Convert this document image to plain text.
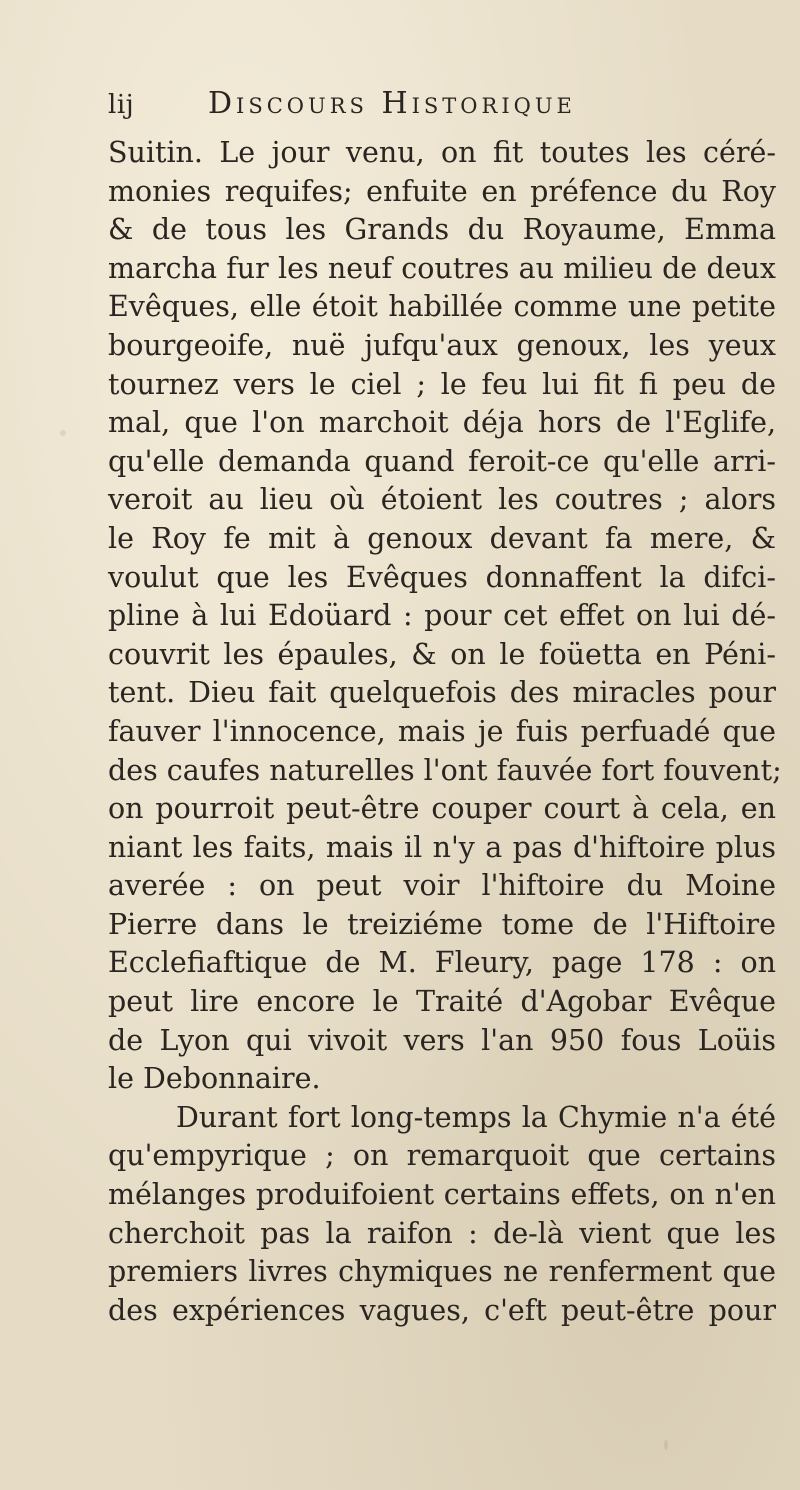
lij	Discours Historique
Suitin. Le jour venu, on fit toutes les céré-
monies requifes; enfuite en préfence du Roy
& de tous les Grands du Royaume, Emma
marcha fur les neuf coutres au milieu de deux
Evêques, elle étoit habillée comme une petite
bourgeoife, nuë jufqu'aux genoux, les yeux
tournez vers le ciel ; le feu lui fit fi peu de
mal, que l'on marchoit déja hors de l'Eglife,
qu'elle demanda quand feroit-ce qu'elle arri-
veroit au lieu où étoient les coutres ; alors
le Roy fe mit à genoux devant fa mere, &
voulut que les Evêques donnaffent la difci-
pline à lui Edoüard : pour cet effet on lui dé-
couvrit les épaules, & on le foüetta en Péni-
tent. Dieu fait quelquefois des miracles pour
fauver l'innocence, mais je fuis perfuadé que
des caufes naturelles l'ont fauvée fort fouvent;
on pourroit peut-être couper court à cela, en
niant les faits, mais il n'y a pas d'hiftoire plus
averée : on peut voir l'hiftoire du Moine
Pierre dans le treiziéme tome de l'Hiftoire
Ecclefiaftique de M. Fleury, page 178 : on
peut lire encore le Traité d'Agobar Evêque
de Lyon qui vivoit vers l'an 950 fous Loüis
le Debonnaire.
Durant fort long-temps la Chymie n'a été
qu'empyrique ; on remarquoit que certains
mélanges produifoient certains effets, on n'en
cherchoit pas la raifon : de-là vient que les
premiers livres chymiques ne renferment que
des expériences vagues, c'eft peut-être pour
